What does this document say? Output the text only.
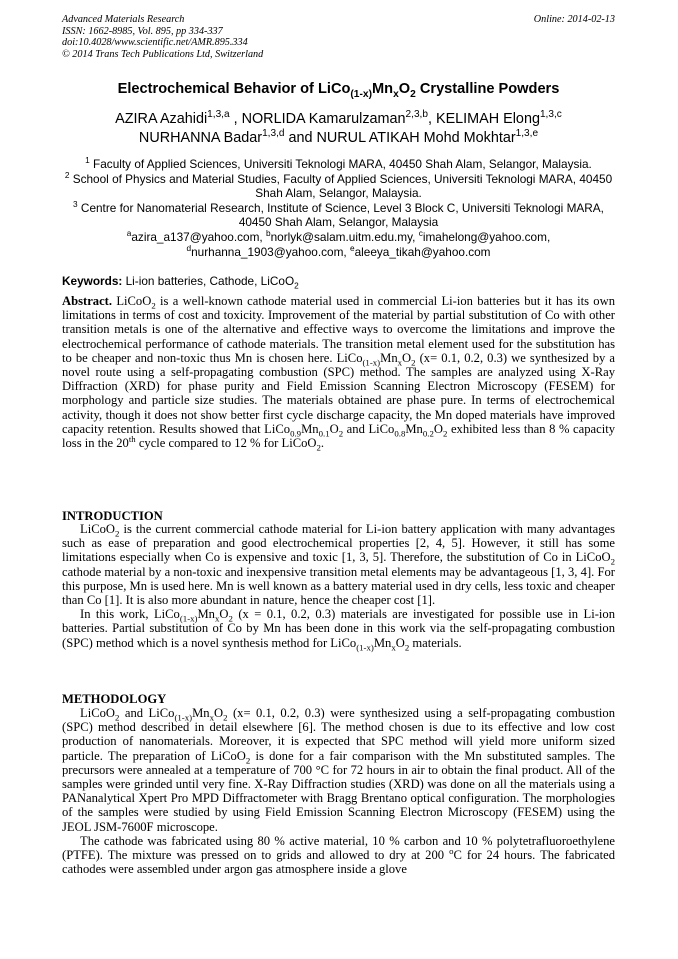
Advanced Materials Research
ISSN: 1662-8985, Vol. 895, pp 334-337
doi:10.4028/www.scientific.net/AMR.895.334
© 2014 Trans Tech Publications Ltd, Switzerland
Online: 2014-02-13
Electrochemical Behavior of $LiCo_{(1-x)}Mn_xO_2$ Crystalline Powders
AZIRA Azahidi$^{1,3,a}$ , NORLIDA Kamarulzaman$^{2,3,b}$, KELIMAH Elong$^{1,3,c}$
NURHANNA Badar$^{1,3,d}$ and NURUL ATIKAH Mohd Mokhtar$^{1,3,e}$
$^1$ Faculty of Applied Sciences, Universiti Teknologi MARA, 40450 Shah Alam, Selangor, Malaysia.
$^2$ School of Physics and Material Studies, Faculty of Applied Sciences, Universiti Teknologi MARA, 40450 Shah Alam, Selangor, Malaysia.
$^3$ Centre for Nanomaterial Research, Institute of Science, Level 3 Block C, Universiti Teknologi MARA, 40450 Shah Alam, Selangor, Malaysia
$^a$azira_a137@yahoo.com, $^b$norlyk@salam.uitm.edu.my, $^c$imahelong@yahoo.com,
$^d$nurhanna_1903@yahoo.com, $^e$aleeya_tikah@yahoo.com
Keywords: Li-ion batteries, Cathode, LiCoO$_2$
Abstract. LiCoO$_2$ is a well-known cathode material used in commercial Li-ion batteries but it has its own limitations in terms of cost and toxicity. Improvement of the material by partial substitution of Co with other transition metals is one of the alternative and effective ways to overcome the limitations and improve the electrochemical performance of cathode materials. The transition metal element used for the substitution has to be cheaper and non-toxic thus Mn is chosen here. $LiCo_{(1-x)}Mn_xO_2$ (x= 0.1, 0.2, 0.3) we synthesized by a novel route using a self-propagating combustion (SPC) method. The samples are analyzed using X-Ray Diffraction (XRD) for phase purity and Field Emission Scanning Electron Microscopy (FESEM) for morphology and particle size studies. The materials obtained are phase pure. In terms of electrochemical activity, though it does not show better first cycle discharge capacity, the Mn doped materials have improved capacity retention. Results showed that $LiCo_{0.9}Mn_{0.1}O_2$ and $LiCo_{0.8}Mn_{0.2}O_2$ exhibited less than 8 % capacity loss in the 20th cycle compared to 12 % for LiCoO$_2$.
INTRODUCTION

LiCoO$_2$ is the current commercial cathode material for Li-ion battery application with many advantages such as ease of preparation and good electrochemical properties [2, 4, 5]. However, it still has some limitations especially when Co is expensive and toxic [1, 3, 5]. Therefore, the substitution of Co in LiCoO$_2$ cathode material by a non-toxic and inexpensive transition metal elements may be advantageous [1, 3, 4]. For this purpose, Mn is used here. Mn is well known as a battery material used in dry cells, less toxic and cheaper than Co [1]. It is also more abundant in nature, hence the cheaper cost [1].

In this work, $LiCo_{(1-x)}Mn_xO_2$ (x = 0.1, 0.2, 0.3) materials are investigated for possible use in Li-ion batteries. Partial substitution of Co by Mn has been done in this work via the self-propagating combustion (SPC) method which is a novel synthesis method for $LiCo_{(1-x)}Mn_xO_2$ materials.

METHODOLOGY

LiCoO$_2$ and $LiCo_{(1-x)}Mn_xO_2$ (x= 0.1, 0.2, 0.3) were synthesized using a self-propagating combustion (SPC) method described in detail elsewhere [6]. The method chosen is due to its effective and low cost production of nanomaterials. Moreover, it is expected that SPC method will yield more uniform sized particle. The preparation of LiCoO$_2$ is done for a fair comparison with the Mn substituted samples. The precursors were annealed at a temperature of 700 °C for 72 hours in air to obtain the final product. All of the samples were grinded until very fine. X-Ray Diffraction studies (XRD) was done on all the materials using a PANanalytical Xpert Pro MPD Diffractometer with Bragg Brentano optical configuration. The morphologies of the samples were studied by using Field Emission Scanning Electron Microscopy (FESEM) using the JEOL JSM-7600F microscope.

The cathode was fabricated using 80 % active material, 10 % carbon and 10 % polytetrafluoroethylene (PTFE). The mixture was pressed on to grids and allowed to dry at 200 $^o$C for 24 hours. The fabricated cathodes were assembled under argon gas atmosphere inside a glove
